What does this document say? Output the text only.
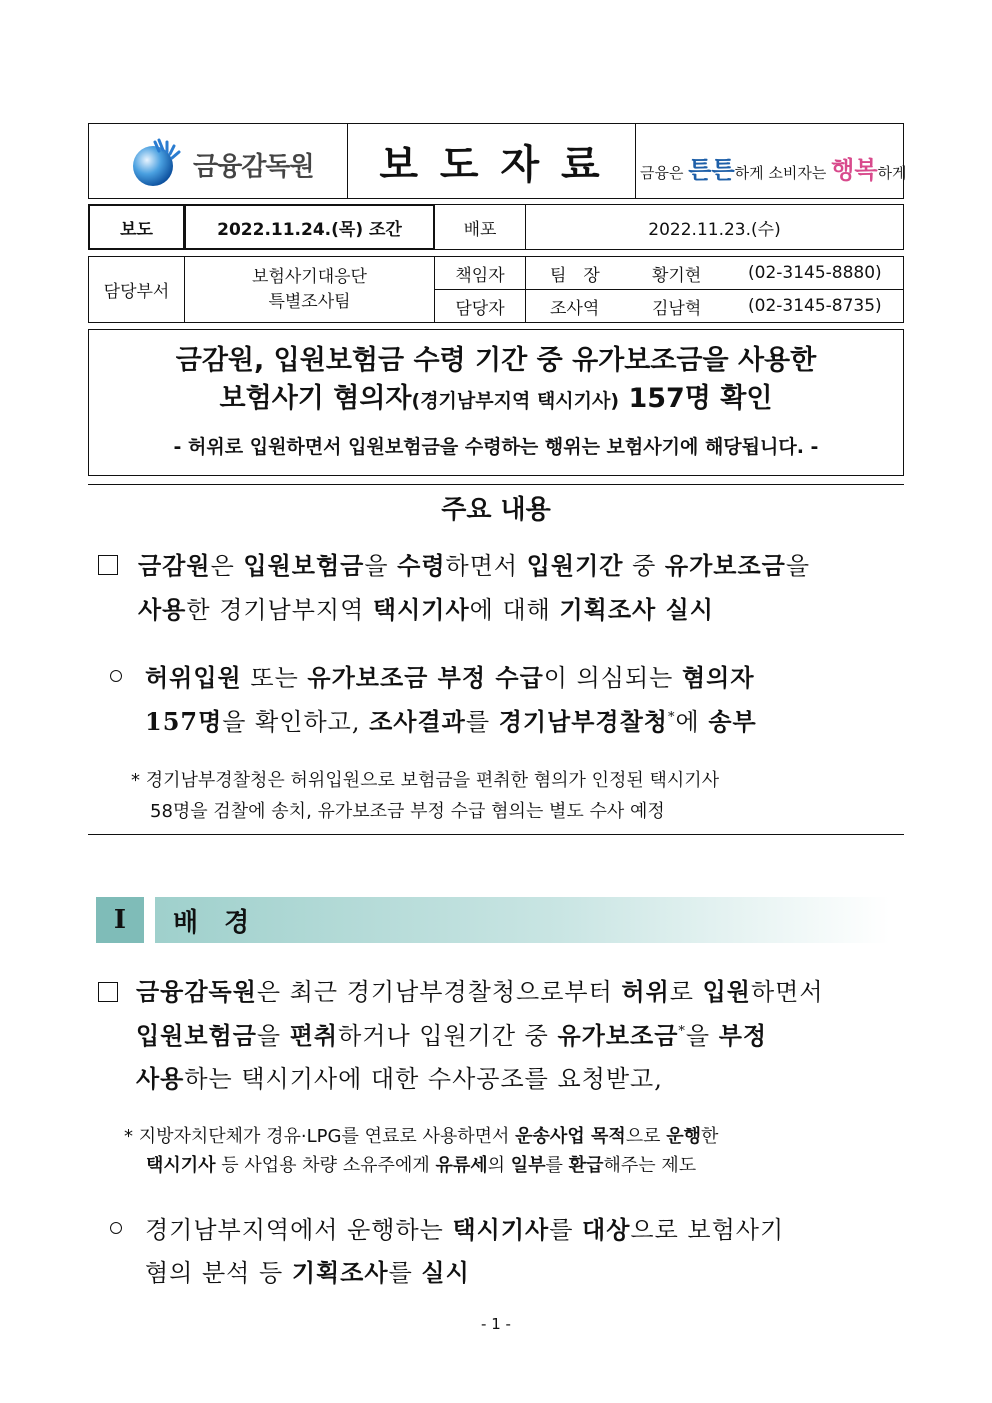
금융감독원 보 도 자 료 금융은 튼튼하게 소비자는 행복하게
보도	2022.11.24.(목) 조간	배포	2022.11.23.(수)
담당부서
보험사기대응단
특별조사팀
책임자	팀　장	황기현	(02-3145-8880)
담당자	조사역	김남혁	(02-3145-8735)
금감원, 입원보험금 수령 기간 중 유가보조금을 사용한
보험사기 혐의자(경기남부지역 택시기사) 157명 확인
- 허위로 입원하면서 입원보험금을 수령하는 행위는 보험사기에 해당됩니다. -
주요 내용
금감원은 입원보험금을 수령하면서 입원기간 중 유가보조금을
사용한 경기남부지역 택시기사에 대해 기획조사 실시
허위입원 또는 유가보조금 부정 수급이 의심되는 혐의자
157명을 확인하고, 조사결과를 경기남부경찰청*에 송부
* 경기남부경찰청은 허위입원으로 보험금을 편취한 혐의가 인정된 택시기사
58명을 검찰에 송치, 유가보조금 부정 수급 혐의는 별도 수사 예정
I	배　경
금융감독원은 최근 경기남부경찰청으로부터 허위로 입원하면서
입원보험금을 편취하거나 입원기간 중 유가보조금*을 부정
사용하는 택시기사에 대한 수사공조를 요청받고,
* 지방자치단체가 경유·LPG를 연료로 사용하면서 운송사업 목적으로 운행한
택시기사 등 사업용 차량 소유주에게 유류세의 일부를 환급해주는 제도
경기남부지역에서 운행하는 택시기사를 대상으로 보험사기
혐의 분석 등 기획조사를 실시
- 1 -
